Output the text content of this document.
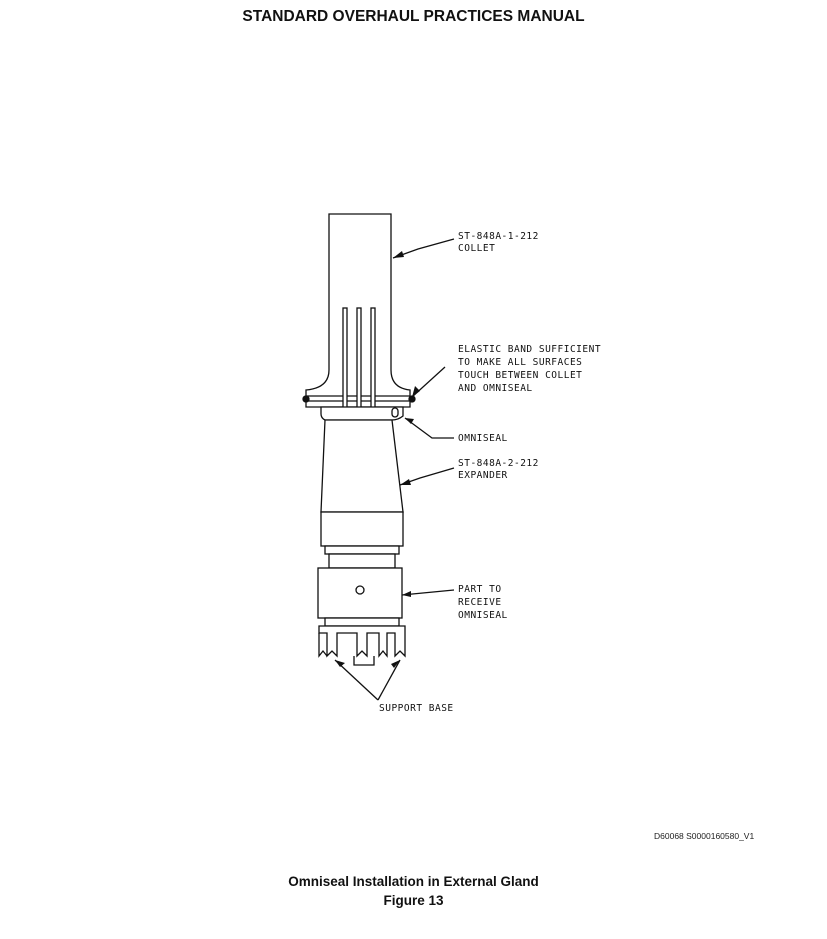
STANDARD OVERHAUL PRACTICES MANUAL
ST-848A-1-212
COLLET
ELASTIC BAND SUFFICIENT
TO MAKE ALL SURFACES
TOUCH BETWEEN COLLET
AND OMNISEAL
OMNISEAL
ST-848A-2-212
EXPANDER
PART TO
RECEIVE
OMNISEAL
SUPPORT BASE
D60068 S0000160580_V1
Omniseal Installation in External Gland
Figure 13
